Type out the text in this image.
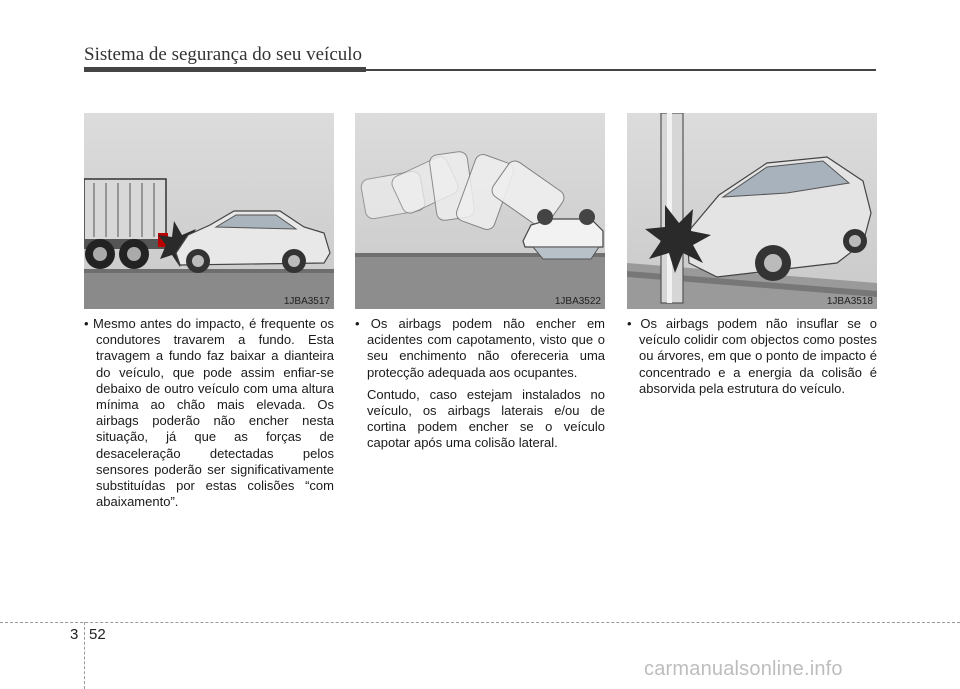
Sistema de segurança do seu veículo
1JBA3517	1JBA3522	1JBA3518

• Mesmo antes do impacto, é frequente os condutores travarem a fundo. Esta travagem a fundo faz baixar a dianteira do veículo, que pode assim enfiar-se debaixo de outro veículo com uma altura mínima ao chão mais elevada. Os airbags poderão não encher nesta situação, já que as forças de desaceleração detectadas pelos sensores poderão ser significativamente substituídas por estas colisões “com abaixamento”.

• Os airbags podem não encher em acidentes com capotamento, visto que o seu enchimento não ofereceria uma protecção adequada aos ocupantes.

Contudo, caso estejam instalados no veículo, os airbags laterais e/ou de cortina podem encher se o veículo capotar após uma colisão lateral.

• Os airbags podem não insuflar se o veículo colidir com objectos como postes ou árvores, em que o ponto de impacto é concentrado e a energia da colisão é absorvida pela estrutura do veículo.

3 52
carmanualsonline.info
